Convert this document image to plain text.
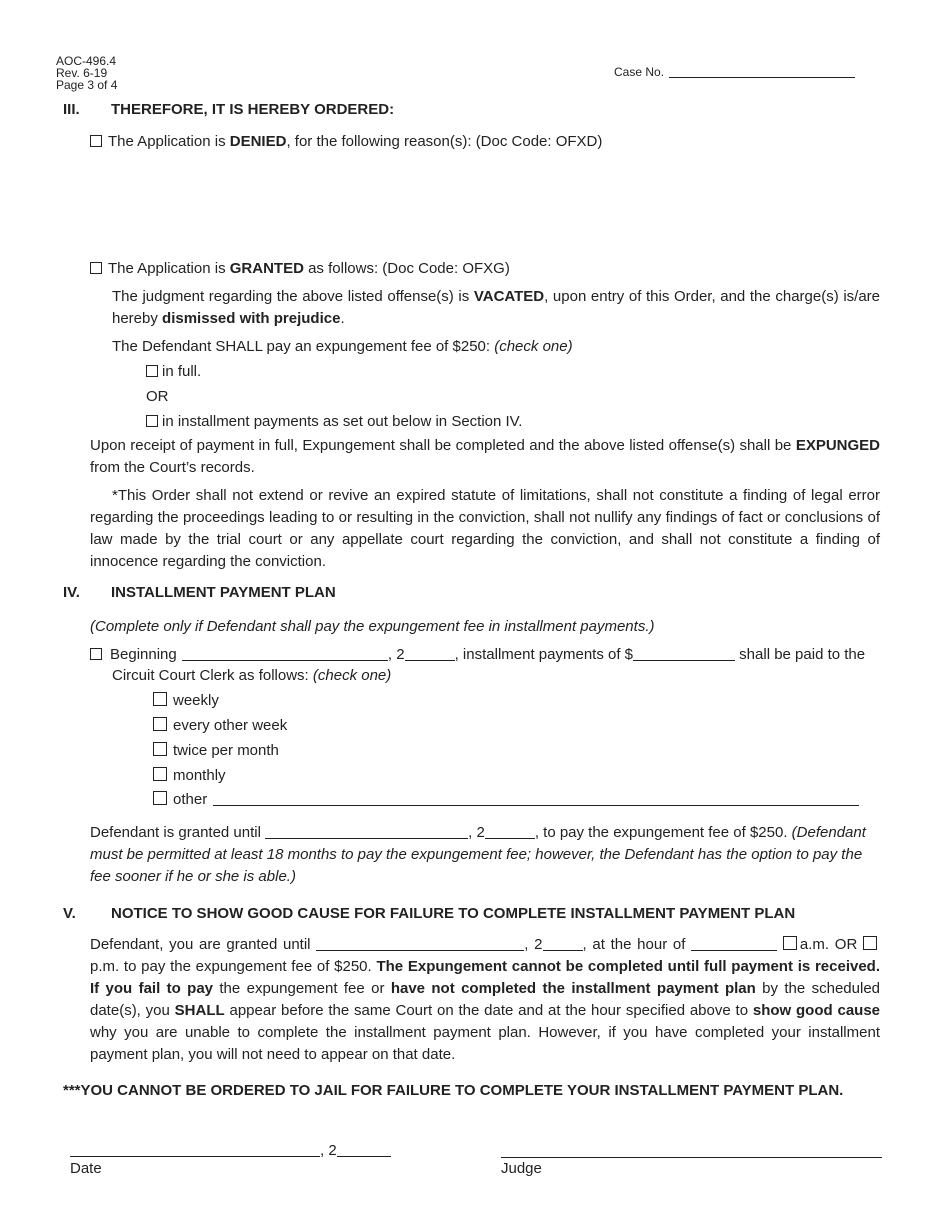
AOC-496.4
Rev. 6-19
Page 3 of 4
Case No.
III. THEREFORE, IT IS HEREBY ORDERED:
The Application is DENIED, for the following reason(s): (Doc Code: OFXD)
The Application is GRANTED as follows: (Doc Code: OFXG)
The judgment regarding the above listed offense(s) is VACATED, upon entry of this Order, and the charge(s) is/are hereby dismissed with prejudice.
The Defendant SHALL pay an expungement fee of $250: (check one)
in full.
OR
in installment payments as set out below in Section IV.
Upon receipt of payment in full, Expungement shall be completed and the above listed offense(s) shall be EXPUNGED from the Court’s records.
*This Order shall not extend or revive an expired statute of limitations, shall not constitute a finding of legal error regarding the proceedings leading to or resulting in the conviction, shall not nullify any findings of fact or conclusions of law made by the trial court or any appellate court regarding the conviction, and shall not constitute a finding of innocence regarding the conviction.
IV. INSTALLMENT PAYMENT PLAN
(Complete only if Defendant shall pay the expungement fee in installment payments.)
Beginning	, 2	, installment payments of $	shall be paid to the
Circuit Court Clerk as follows: (check one)
weekly
every other week
twice per month
monthly
other
Defendant is granted until	, 2	, to pay the expungement fee of $250. (Defendant must be permitted at least 18 months to pay the expungement fee; however, the Defendant has the option to pay the fee sooner if he or she is able.)
V. NOTICE TO SHOW GOOD CAUSE FOR FAILURE TO COMPLETE INSTALLMENT PAYMENT PLAN
Defendant, you are granted until	, 2	, at the hour of	a.m. OR p.m. to pay the expungement fee of $250. The Expungement cannot be completed until full payment is received. If you fail to pay the expungement fee or have not completed the installment payment plan by the scheduled date(s), you SHALL appear before the same Court on the date and at the hour specified above to show good cause why you are unable to complete the installment payment plan. However, if you have completed your installment payment plan, you will not need to appear on that date.
***YOU CANNOT BE ORDERED TO JAIL FOR FAILURE TO COMPLETE YOUR INSTALLMENT PAYMENT PLAN.
, 2
Date	Judge
